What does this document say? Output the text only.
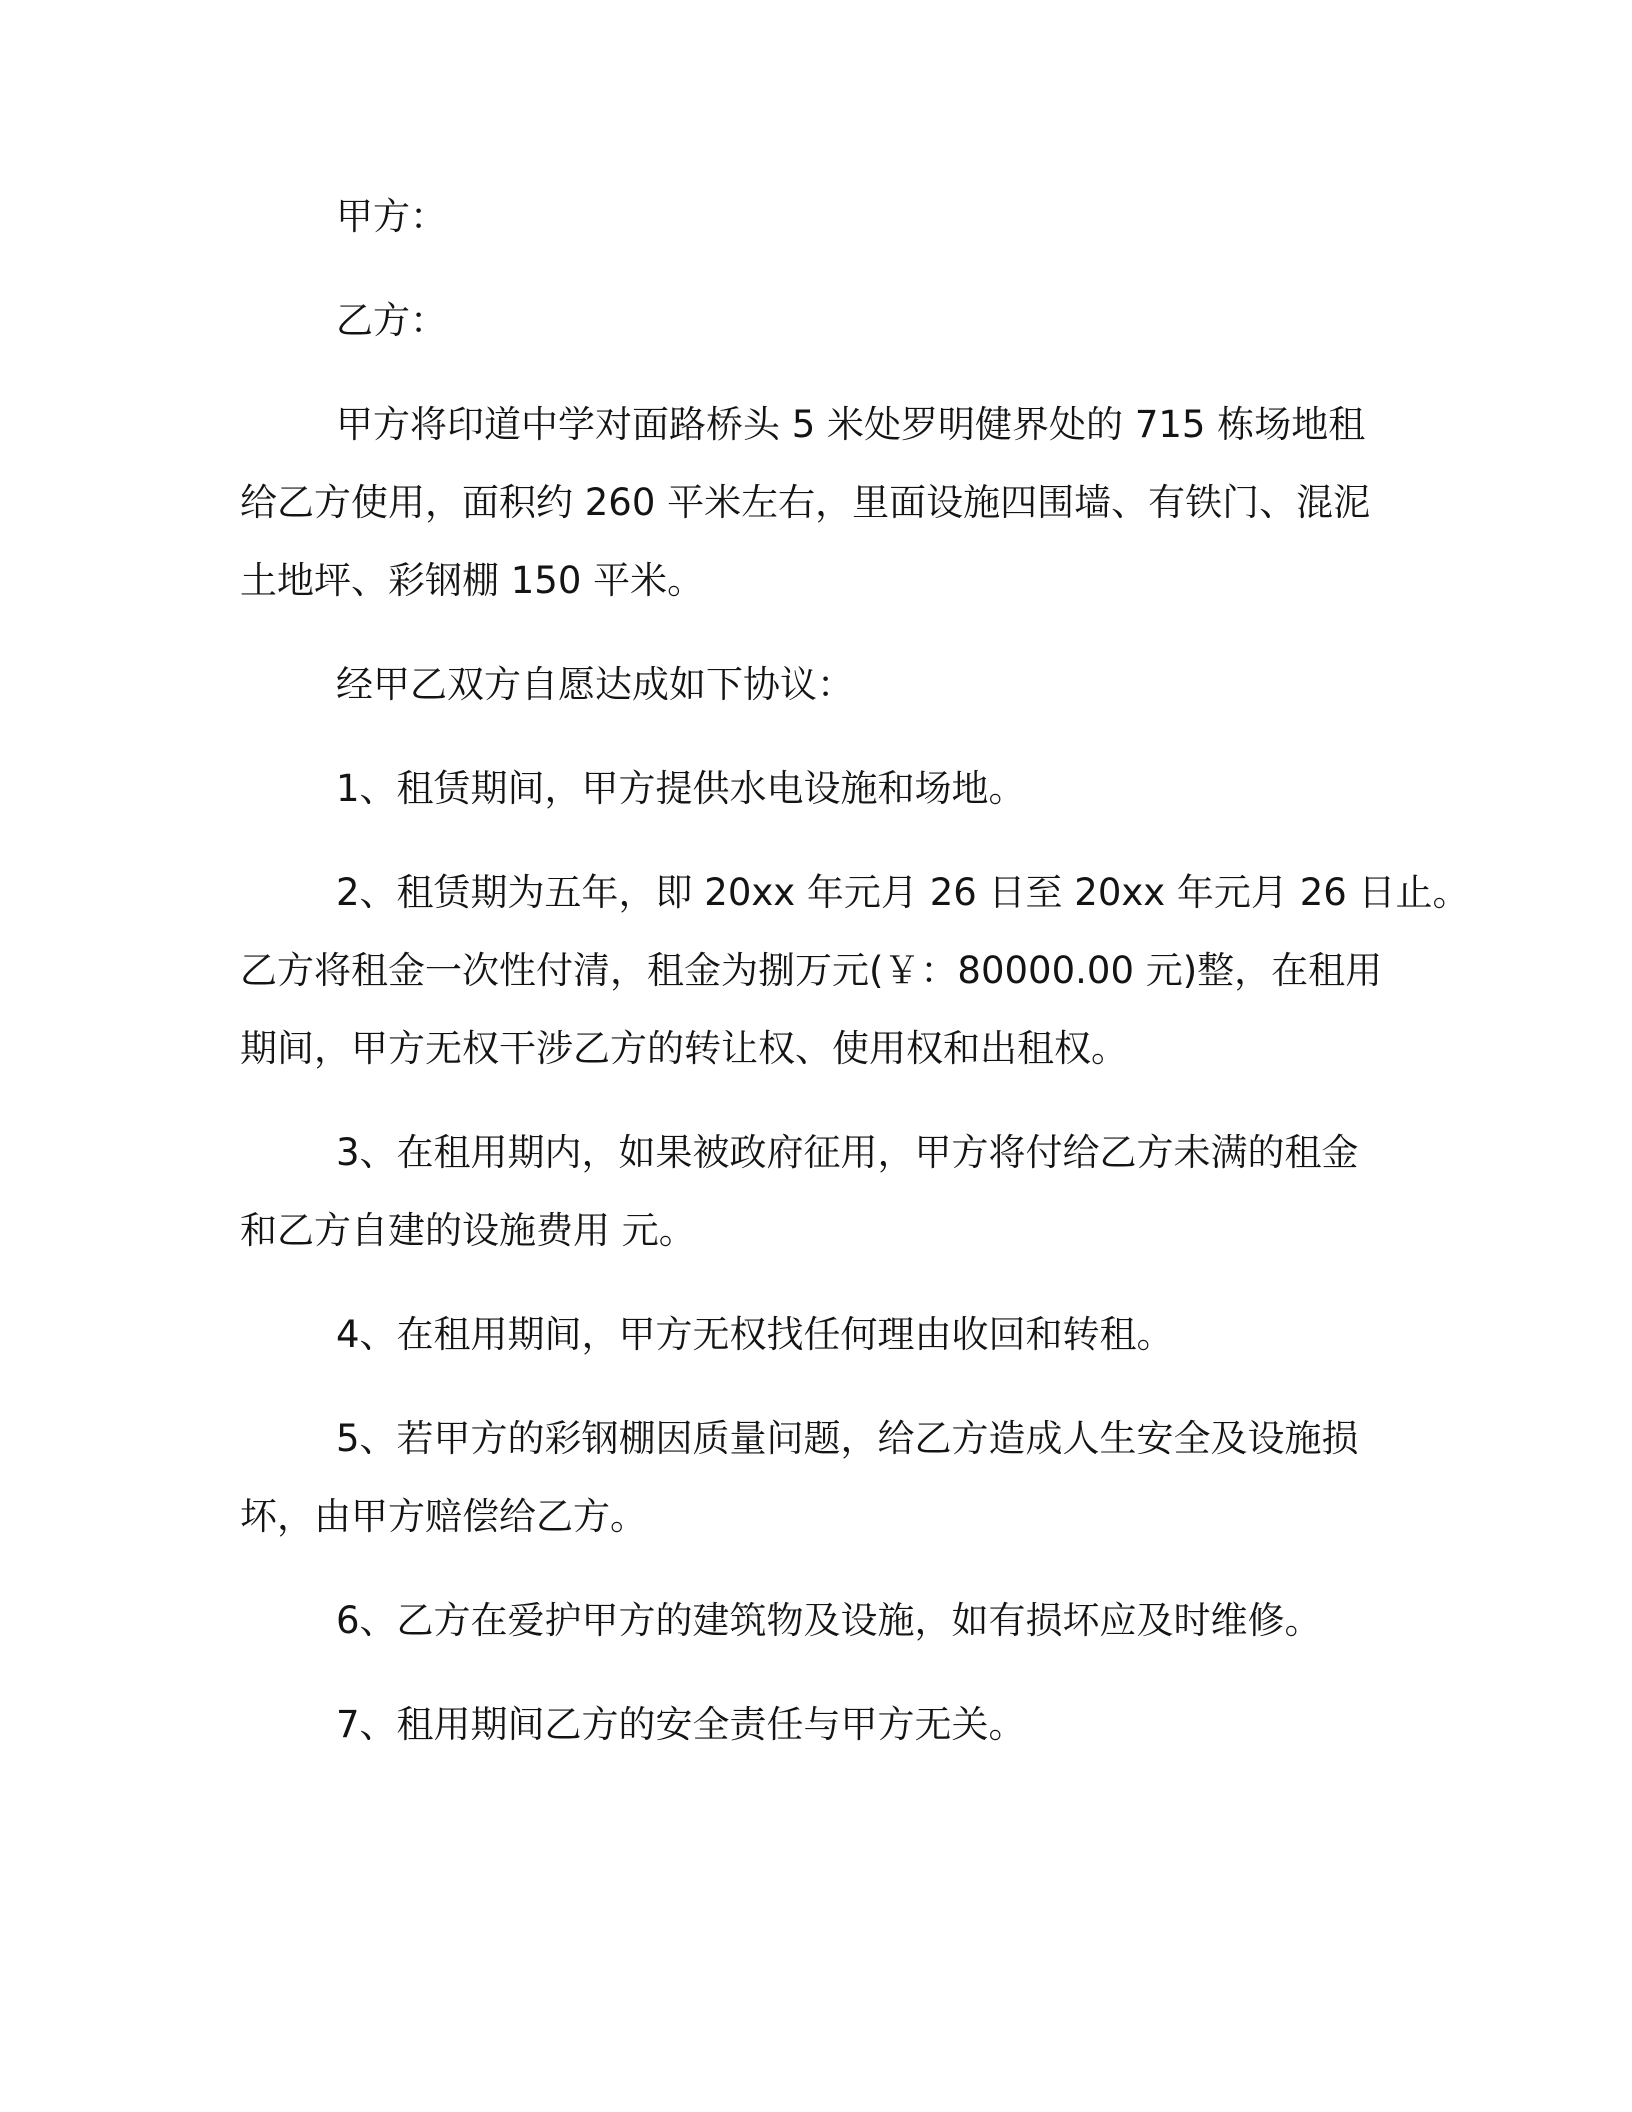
甲方：

乙方：

甲方将印道中学对面路桥头 5 米处罗明健界处的 715 栋场地租
给乙方使用，面积约 260 平米左右，里面设施四围墙、有铁门、混泥
土地坪、彩钢棚 150 平米。

经甲乙双方自愿达成如下协议：

1、租赁期间，甲方提供水电设施和场地。

2、租赁期为五年，即 20xx 年元月 26 日至 20xx 年元月 26 日止。
乙方将租金一次性付清，租金为捌万元(￥：80000.00 元)整，在租用
期间，甲方无权干涉乙方的转让权、使用权和出租权。

3、在租用期内，如果被政府征用，甲方将付给乙方未满的租金
和乙方自建的设施费用 元。

4、在租用期间，甲方无权找任何理由收回和转租。

5、若甲方的彩钢棚因质量问题，给乙方造成人生安全及设施损
坏，由甲方赔偿给乙方。

6、乙方在爱护甲方的建筑物及设施，如有损坏应及时维修。

7、租用期间乙方的安全责任与甲方无关。
